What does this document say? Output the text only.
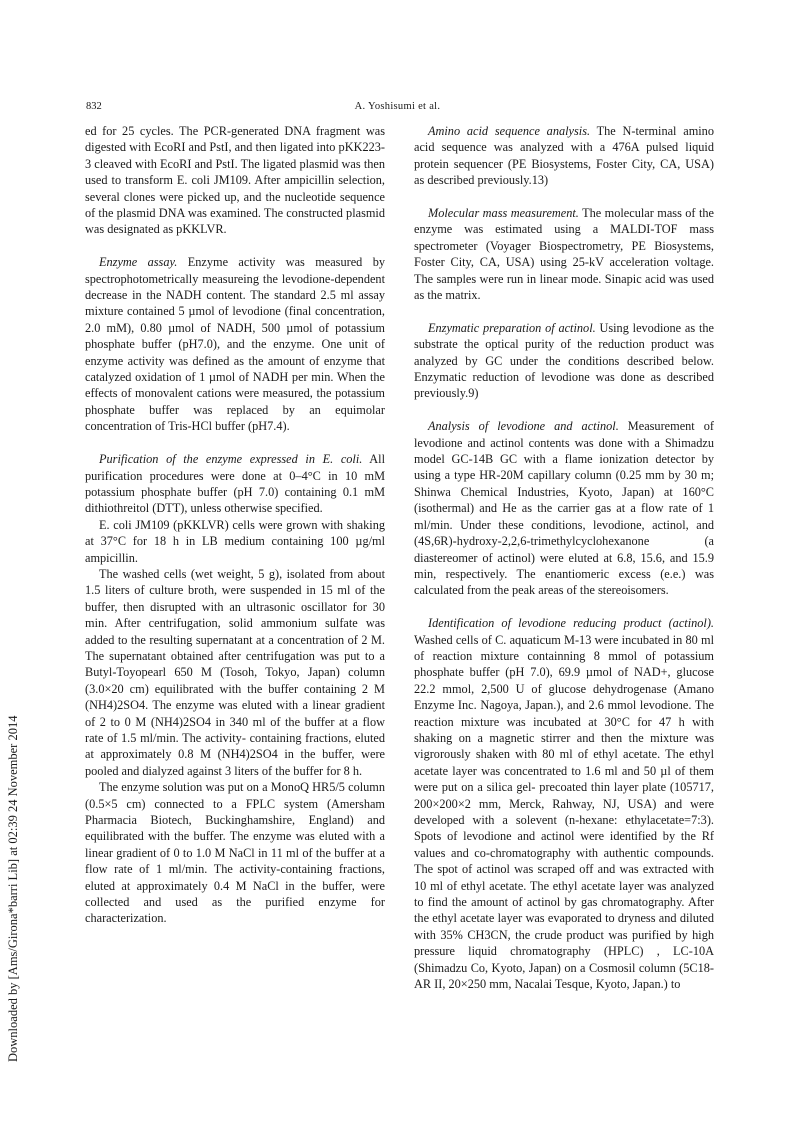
832	A. Yoshisumi et al.
Downloaded by [Ams/Girona*barri Lib] at 02:39 24 November 2014

ed for 25 cycles. The PCR-generated DNA fragment was digested with EcoRI and PstI, and then ligated into pKK223-3 cleaved with EcoRI and PstI. The ligated plasmid was then used to transform E. coli JM109. After ampicillin selection, several clones were picked up, and the nucleotide sequence of the plasmid DNA was examined. The constructed plasmid was designated as pKKLVR.

Enzyme assay. Enzyme activity was measured by spectrophotometrically measureing the levodione-dependent decrease in the NADH content. The standard 2.5 ml assay mixture contained 5 µmol of levodione (final concentration, 2.0 mM), 0.80 µmol of NADH, 500 µmol of potassium phosphate buffer (pH7.0), and the enzyme. One unit of enzyme activity was defined as the amount of enzyme that catalyzed oxidation of 1 µmol of NADH per min. When the effects of monovalent cations were measured, the potassium phosphate buffer was replaced by an equimolar concentration of Tris-HCl buffer (pH7.4).

Purification of the enzyme expressed in E. coli. All purification procedures were done at 0–4°C in 10 mM potassium phosphate buffer (pH 7.0) containing 0.1 mM dithiothreitol (DTT), unless otherwise specified.

E. coli JM109 (pKKLVR) cells were grown with shaking at 37°C for 18 h in LB medium containing 100 µg/ml ampicillin.

The washed cells (wet weight, 5 g), isolated from about 1.5 liters of culture broth, were suspended in 15 ml of the buffer, then disrupted with an ultrasonic oscillator for 30 min. After centrifugation, solid ammonium sulfate was added to the resulting supernatant at a concentration of 2 M. The supernatant obtained after centrifugation was put to a Butyl-Toyopearl 650 M (Tosoh, Tokyo, Japan) column (3.0×20 cm) equilibrated with the buffer containing 2 M (NH4)2SO4. The enzyme was eluted with a linear gradient of 2 to 0 M (NH4)2SO4 in 340 ml of the buffer at a flow rate of 1.5 ml/min. The activity- containing fractions, eluted at approximately 0.8 M (NH4)2SO4 in the buffer, were pooled and dialyzed against 3 liters of the buffer for 8 h.

The enzyme solution was put on a MonoQ HR5/5 column (0.5×5 cm) connected to a FPLC system (Amersham Pharmacia Biotech, Buckinghamshire, England) and equilibrated with the buffer. The enzyme was eluted with a linear gradient of 0 to 1.0 M NaCl in 11 ml of the buffer at a flow rate of 1 ml/min. The activity-containing fractions, eluted at approximately 0.4 M NaCl in the buffer, were collected and used as the purified enzyme for characterization.

Amino acid sequence analysis. The N-terminal amino acid sequence was analyzed with a 476A pulsed liquid protein sequencer (PE Biosystems, Foster City, CA, USA) as described previously.13)

Molecular mass measurement. The molecular mass of the enzyme was estimated using a MALDI-TOF mass spectrometer (Voyager Biospectrometry, PE Biosystems, Foster City, CA, USA) using 25-kV acceleration voltage. The samples were run in linear mode. Sinapic acid was used as the matrix.

Enzymatic preparation of actinol. Using levodione as the substrate the optical purity of the reduction product was analyzed by GC under the conditions described below. Enzymatic reduction of levodione was done as described previously.9)

Analysis of levodione and actinol. Measurement of levodione and actinol contents was done with a Shimadzu model GC-14B GC with a flame ionization detector by using a type HR-20M capillary column (0.25 mm by 30 m; Shinwa Chemical Industries, Kyoto, Japan) at 160°C (isothermal) and He as the carrier gas at a flow rate of 1 ml/min. Under these conditions, levodione, actinol, and (4S,6R)-hydroxy-2,2,6-trimethylcyclohexanone (a diastereomer of actinol) were eluted at 6.8, 15.6, and 15.9 min, respectively. The enantiomeric excess (e.e.) was calculated from the peak areas of the stereoisomers.

Identification of levodione reducing product (actinol). Washed cells of C. aquaticum M-13 were incubated in 80 ml of reaction mixture containning 8 mmol of potassium phosphate buffer (pH 7.0), 69.9 µmol of NAD+, glucose 22.2 mmol, 2,500 U of glucose dehydrogenase (Amano Enzyme Inc. Nagoya, Japan.), and 2.6 mmol levodione. The reaction mixture was incubated at 30°C for 47 h with shaking on a magnetic stirrer and then the mixture was vigrorously shaken with 80 ml of ethyl acetate. The ethyl acetate layer was concentrated to 1.6 ml and 50 µl of them were put on a silica gel- precoated thin layer plate (105717, 200×200×2 mm, Merck, Rahway, NJ, USA) and were developed with a solevent (n-hexane: ethylacetate=7:3). Spots of levodione and actinol were identified by the Rf values and co-chromatography with authentic compounds. The spot of actinol was scraped off and was extracted with 10 ml of ethyl acetate. The ethyl acetate layer was analyzed to find the amount of actinol by gas chromatography. After the ethyl acetate layer was evaporated to dryness and diluted with 35% CH3CN, the crude product was purified by high pressure liquid chromatography (HPLC) , LC-10A (Shimadzu Co, Kyoto, Japan) on a Cosmosil column (5C18-AR II, 20×250 mm, Nacalai Tesque, Kyoto, Japan.) to
